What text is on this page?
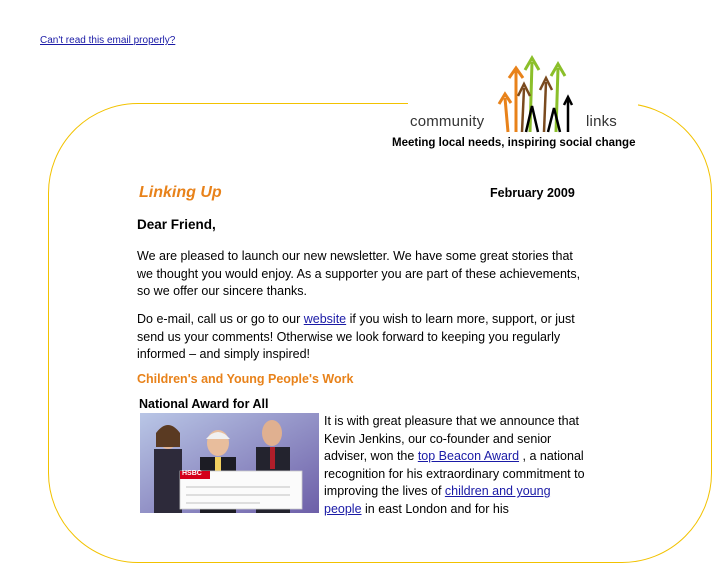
Can't read this email properly?
community	links
Meeting local needs, inspiring social change
Linking Up	February 2009
Dear Friend,
We are pleased to launch our new newsletter. We have some great stories that we thought you would enjoy. As a supporter you are part of these achievements, so we offer our sincere thanks.
Do e-mail, call us or go to our website if you wish to learn more, support, or just send us your comments! Otherwise we look forward to keeping you regularly informed – and simply inspired!
Children's and Young People's Work
National Award for All
HSBC
It is with great pleasure that we announce that Kevin Jenkins, our co-founder and senior adviser, won the top Beacon Award , a national recognition for his extraordinary commitment to improving the lives of children and young people in east London and for his
